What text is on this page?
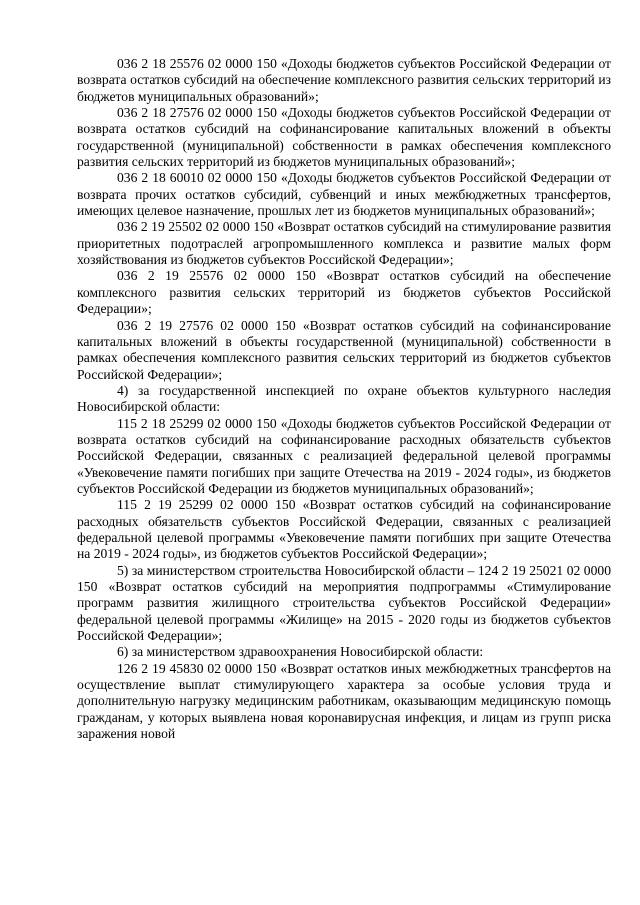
036 2 18 25576 02 0000 150 «Доходы бюджетов субъектов Российской Федерации от возврата остатков субсидий на обеспечение комплексного развития сельских территорий из бюджетов муниципальных образований»;

036 2 18 27576 02 0000 150 «Доходы бюджетов субъектов Российской Федерации от возврата остатков субсидий на софинансирование капитальных вложений в объекты государственной (муниципальной) собственности в рамках обеспечения комплексного развития сельских территорий из бюджетов муниципальных образований»;

036 2 18 60010 02 0000 150 «Доходы бюджетов субъектов Российской Федерации от возврата прочих остатков субсидий, субвенций и иных межбюджетных трансфертов, имеющих целевое назначение, прошлых лет из бюджетов муниципальных образований»;

036 2 19 25502 02 0000 150 «Возврат остатков субсидий на стимулирование развития приоритетных подотраслей агропромышленного комплекса и развитие малых форм хозяйствования из бюджетов субъектов Российской Федерации»;

036 2 19 25576 02 0000 150 «Возврат остатков субсидий на обеспечение комплексного развития сельских территорий из бюджетов субъектов Российской Федерации»;

036 2 19 27576 02 0000 150 «Возврат остатков субсидий на софинансирование капитальных вложений в объекты государственной (муниципальной) собственности в рамках обеспечения комплексного развития сельских территорий из бюджетов субъектов Российской Федерации»;

4) за государственной инспекцией по охране объектов культурного наследия Новосибирской области:

115 2 18 25299 02 0000 150 «Доходы бюджетов субъектов Российской Федерации от возврата остатков субсидий на софинансирование расходных обязательств субъектов Российской Федерации, связанных с реализацией федеральной целевой программы «Увековечение памяти погибших при защите Отечества на 2019 - 2024 годы», из бюджетов субъектов Российской Федерации из бюджетов муниципальных образований»;

115 2 19 25299 02 0000 150 «Возврат остатков субсидий на софинансирование расходных обязательств субъектов Российской Федерации, связанных с реализацией федеральной целевой программы «Увековечение памяти погибших при защите Отечества на 2019 - 2024 годы», из бюджетов субъектов Российской Федерации»;

5) за министерством строительства Новосибирской области – 124 2 19 25021 02 0000 150 «Возврат остатков субсидий на мероприятия подпрограммы «Стимулирование программ развития жилищного строительства субъектов Российской Федерации» федеральной целевой программы «Жилище» на 2015 - 2020 годы из бюджетов субъектов Российской Федерации»;

6) за министерством здравоохранения Новосибирской области:

126 2 19 45830 02 0000 150 «Возврат остатков иных межбюджетных трансфертов на осуществление выплат стимулирующего характера за особые условия труда и дополнительную нагрузку медицинским работникам, оказывающим медицинскую помощь гражданам, у которых выявлена новая коронавирусная инфекция, и лицам из групп риска заражения новой
